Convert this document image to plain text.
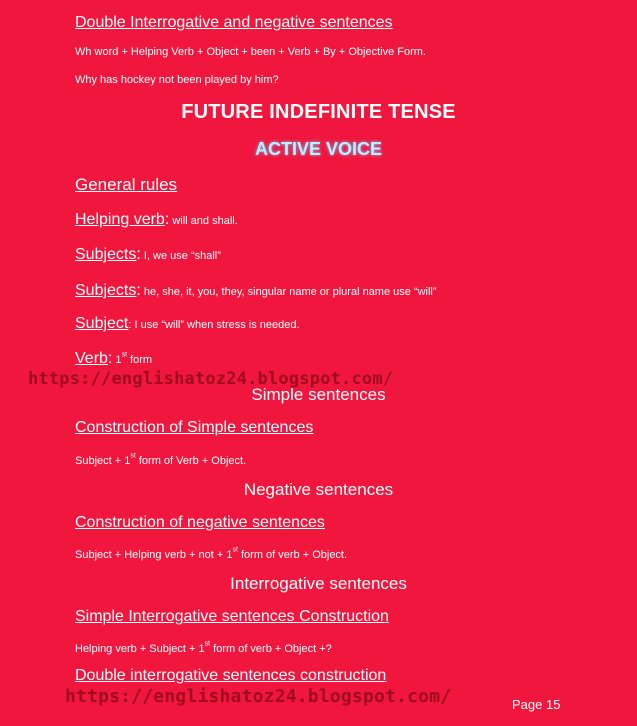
Double Interrogative and negative sentences
Wh word + Helping Verb + Object + been + Verb + By + Objective Form.
Why has hockey not been played by him?
FUTURE INDEFINITE TENSE
ACTIVE VOICE
General rules
Helping verb: will and shall.
Subjects: I, we use “shall”
Subjects: he, she, it, you, they, singular name or plural name use “will”
Subject: I use “will” when stress is needed.
Verb: 1st form
https://englishatoz24.blogspot.com/
Simple sentences
Construction of Simple sentences
Subject + 1st form of Verb + Object.
Negative sentences
Construction of negative sentences
Subject + Helping verb + not + 1st form of verb + Object.
Interrogative sentences
Simple Interrogative sentences Construction
Helping verb + Subject + 1st form of verb + Object +?
Double interrogative sentences construction
https://englishatoz24.blogspot.com/	Page 15
